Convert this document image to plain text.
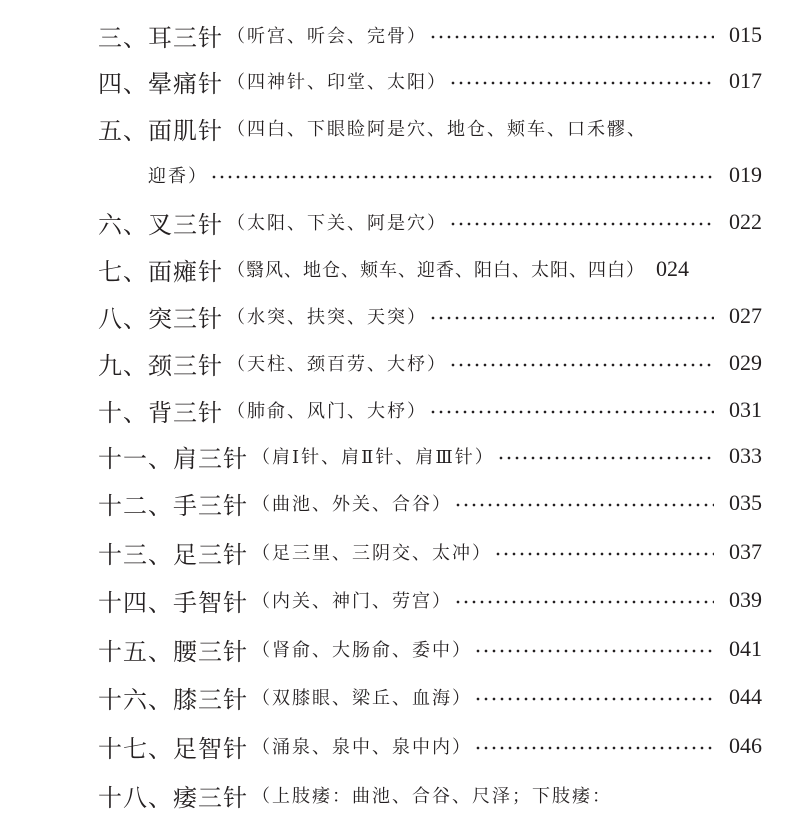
三、耳三针 （听宫、听会、完骨）	015
四、晕痛针 （四神针、印堂、太阳）	017
五、面肌针 （四白、下眼睑阿是穴、地仓、颊车、口禾髎、
迎香）	019
六、叉三针 （太阳、下关、阿是穴）	022
七、面瘫针 （翳风、地仓、颊车、迎香、阳白、太阳、四白） 024
八、突三针 （水突、扶突、天突）	027
九、颈三针 （天柱、颈百劳、大杼）	029
十、背三针 （肺俞、风门、大杼）	031
十一、肩三针 （肩Ⅰ针、肩Ⅱ针、肩Ⅲ针）	033
十二、手三针 （曲池、外关、合谷）	035
十三、足三针 （足三里、三阴交、太冲）	037
十四、手智针 （内关、神门、劳宫）	039
十五、腰三针 （肾俞、大肠俞、委中）	041
十六、膝三针 （双膝眼、梁丘、血海）	044
十七、足智针 （涌泉、泉中、泉中内）	046
十八、痿三针 （上肢痿：曲池、合谷、尺泽；下肢痿：
